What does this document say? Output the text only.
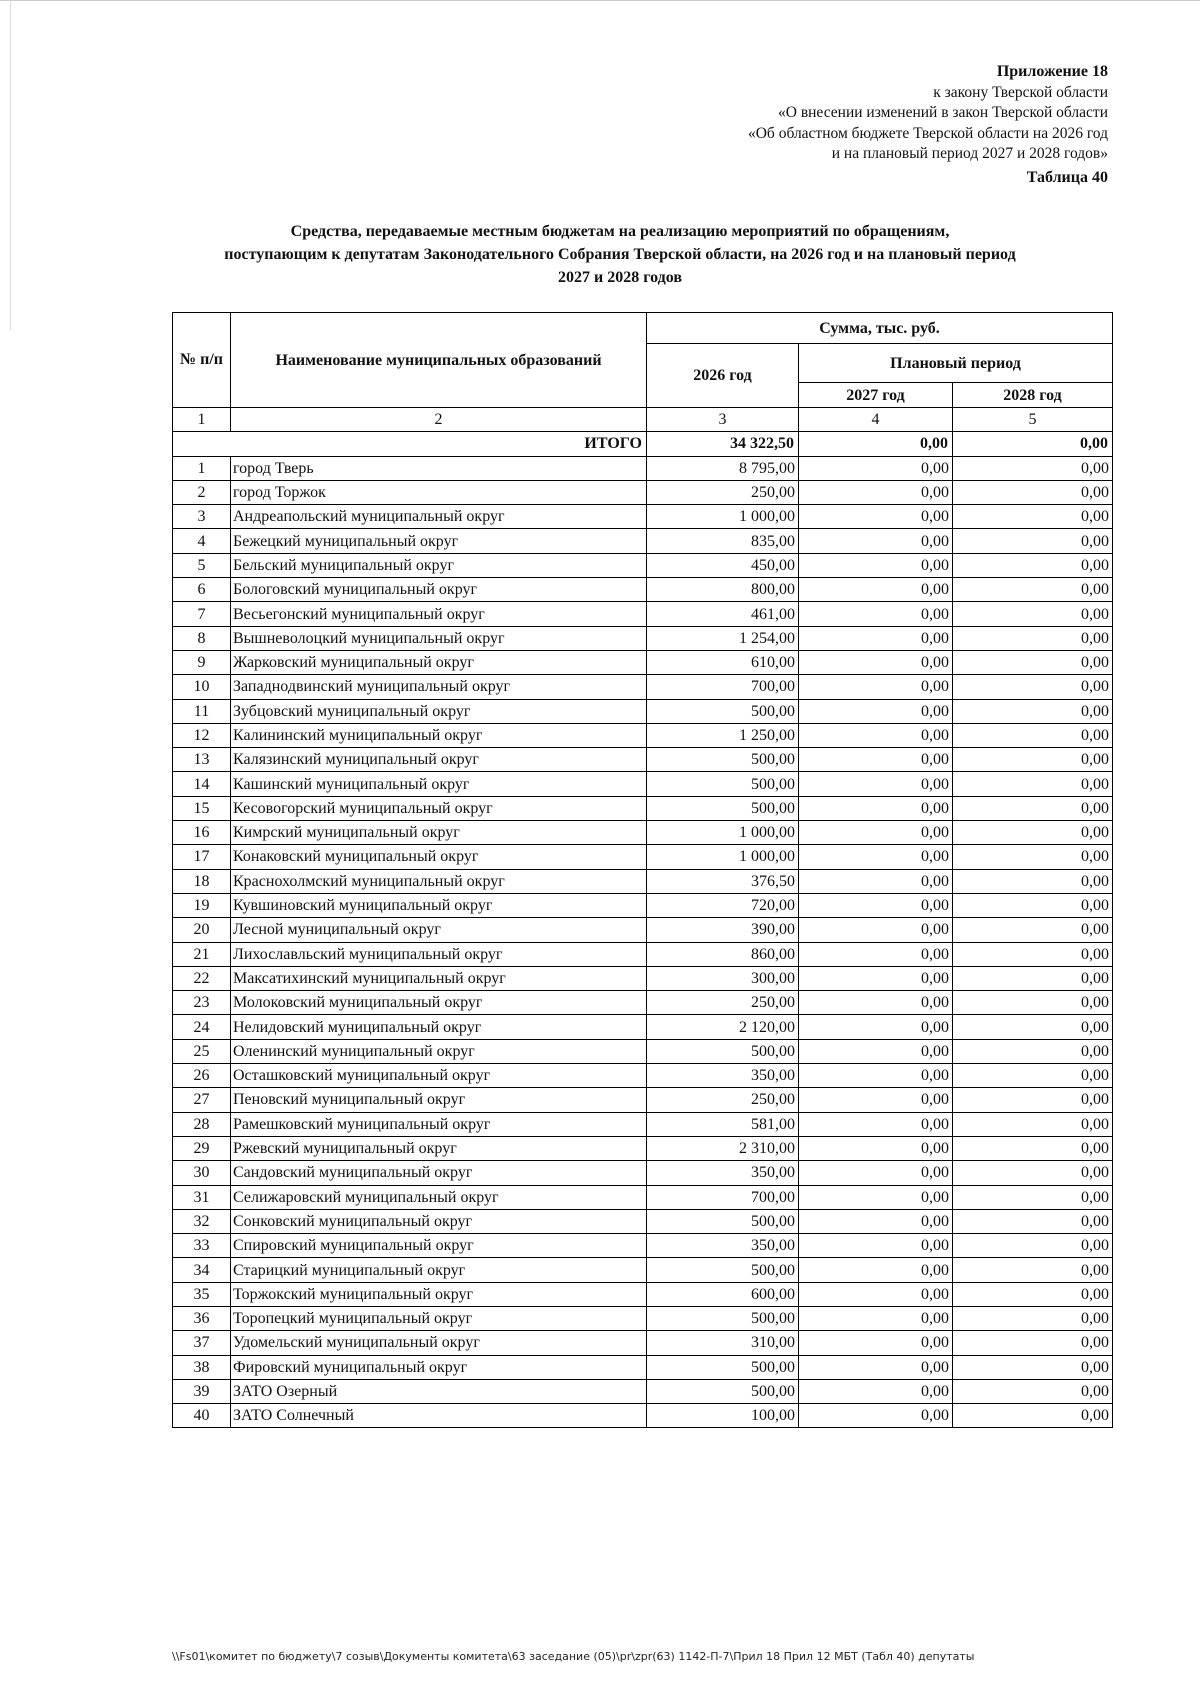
Приложение 18
к закону Тверской области
«О внесении изменений в закон Тверской области
«Об областном бюджете Тверской области на 2026 год
и на плановый период 2027 и 2028 годов»
Таблица 40
Средства, передаваемые местным бюджетам на реализацию мероприятий по обращениям,
поступающим к депутатам Законодательного Собрания Тверской области, на 2026 год и на плановый период
2027 и 2028 годов
№ п/п	Наименование муниципальных образований	Сумма, тыс. руб.		
		2026 год	Плановый период	
			2027 год	2028 год
1	2	3	4	5
ИТОГО		34 322,50	0,00	0,00
1	город Тверь	8 795,00	0,00	0,00
2	город Торжок	250,00	0,00	0,00
3	Андреапольский муниципальный округ	1 000,00	0,00	0,00
4	Бежецкий муниципальный округ	835,00	0,00	0,00
5	Бельский муниципальный округ	450,00	0,00	0,00
6	Бологовский муниципальный округ	800,00	0,00	0,00
7	Весьегонский муниципальный округ	461,00	0,00	0,00
8	Вышневолоцкий муниципальный округ	1 254,00	0,00	0,00
9	Жарковский муниципальный округ	610,00	0,00	0,00
10	Западнодвинский муниципальный округ	700,00	0,00	0,00
11	Зубцовский муниципальный округ	500,00	0,00	0,00
12	Калининский муниципальный округ	1 250,00	0,00	0,00
13	Калязинский муниципальный округ	500,00	0,00	0,00
14	Кашинский муниципальный округ	500,00	0,00	0,00
15	Кесовогорский муниципальный округ	500,00	0,00	0,00
16	Кимрский муниципальный округ	1 000,00	0,00	0,00
17	Конаковский муниципальный округ	1 000,00	0,00	0,00
18	Краснохолмский муниципальный округ	376,50	0,00	0,00
19	Кувшиновский муниципальный округ	720,00	0,00	0,00
20	Лесной муниципальный округ	390,00	0,00	0,00
21	Лихославльский муниципальный округ	860,00	0,00	0,00
22	Максатихинский муниципальный округ	300,00	0,00	0,00
23	Молоковский муниципальный округ	250,00	0,00	0,00
24	Нелидовский муниципальный округ	2 120,00	0,00	0,00
25	Оленинский муниципальный округ	500,00	0,00	0,00
26	Осташковский муниципальный округ	350,00	0,00	0,00
27	Пеновский муниципальный округ	250,00	0,00	0,00
28	Рамешковский муниципальный округ	581,00	0,00	0,00
29	Ржевский муниципальный округ	2 310,00	0,00	0,00
30	Сандовский муниципальный округ	350,00	0,00	0,00
31	Селижаровский муниципальный округ	700,00	0,00	0,00
32	Сонковский муниципальный округ	500,00	0,00	0,00
33	Спировский муниципальный округ	350,00	0,00	0,00
34	Старицкий муниципальный округ	500,00	0,00	0,00
35	Торжокский муниципальный округ	600,00	0,00	0,00
36	Торопецкий муниципальный округ	500,00	0,00	0,00
37	Удомельский муниципальный округ	310,00	0,00	0,00
38	Фировский муниципальный округ	500,00	0,00	0,00
39	ЗАТО Озерный	500,00	0,00	0,00
40	ЗАТО Солнечный	100,00	0,00	0,00
\\Fs01\комитет по бюджету\7 созыв\Документы комитета\63 заседание (05)\pr\zpr(63) 1142-П-7\Прил 18 Прил 12 МБТ (Табл 40) депутаты
